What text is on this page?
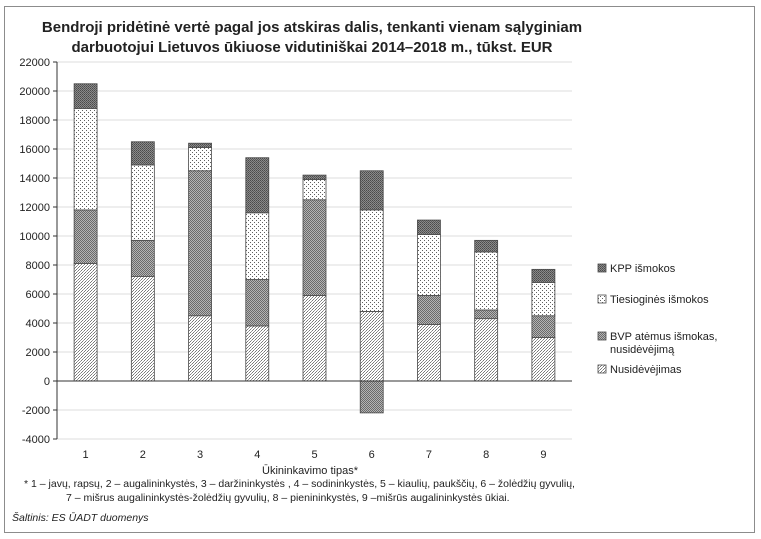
Bendroji pridėtinė vertė pagal jos atskiras dalis, tenkanti vienam sąlyginiam
darbuotojui Lietuvos ūkiuose vidutiniškai 2014–2018 m., tūkst. EUR
-4000
-2000
0
2000
4000
6000
8000
10000
12000
14000
16000
18000
20000
22000
1	2	3	4	5	6	7	8	9
Ūkininkavimo tipas*
KPP išmokos
Tiesioginės išmokos
BVP atėmus išmokas,
nusidėvėjimą
Nusidėvėjimas
* 1 – javų, rapsų, 2 – augalininkystės, 3 – daržininkystės , 4 – sodininkystės, 5 – kiaulių, paukščių, 6 – žolėdžių gyvulių,
7 – mišrus augalininkystės-žolėdžių gyvulių, 8 – pienininkystės, 9 –mišrūs augalininkystės ūkiai.
Šaltinis: ES ŪADT duomenys
